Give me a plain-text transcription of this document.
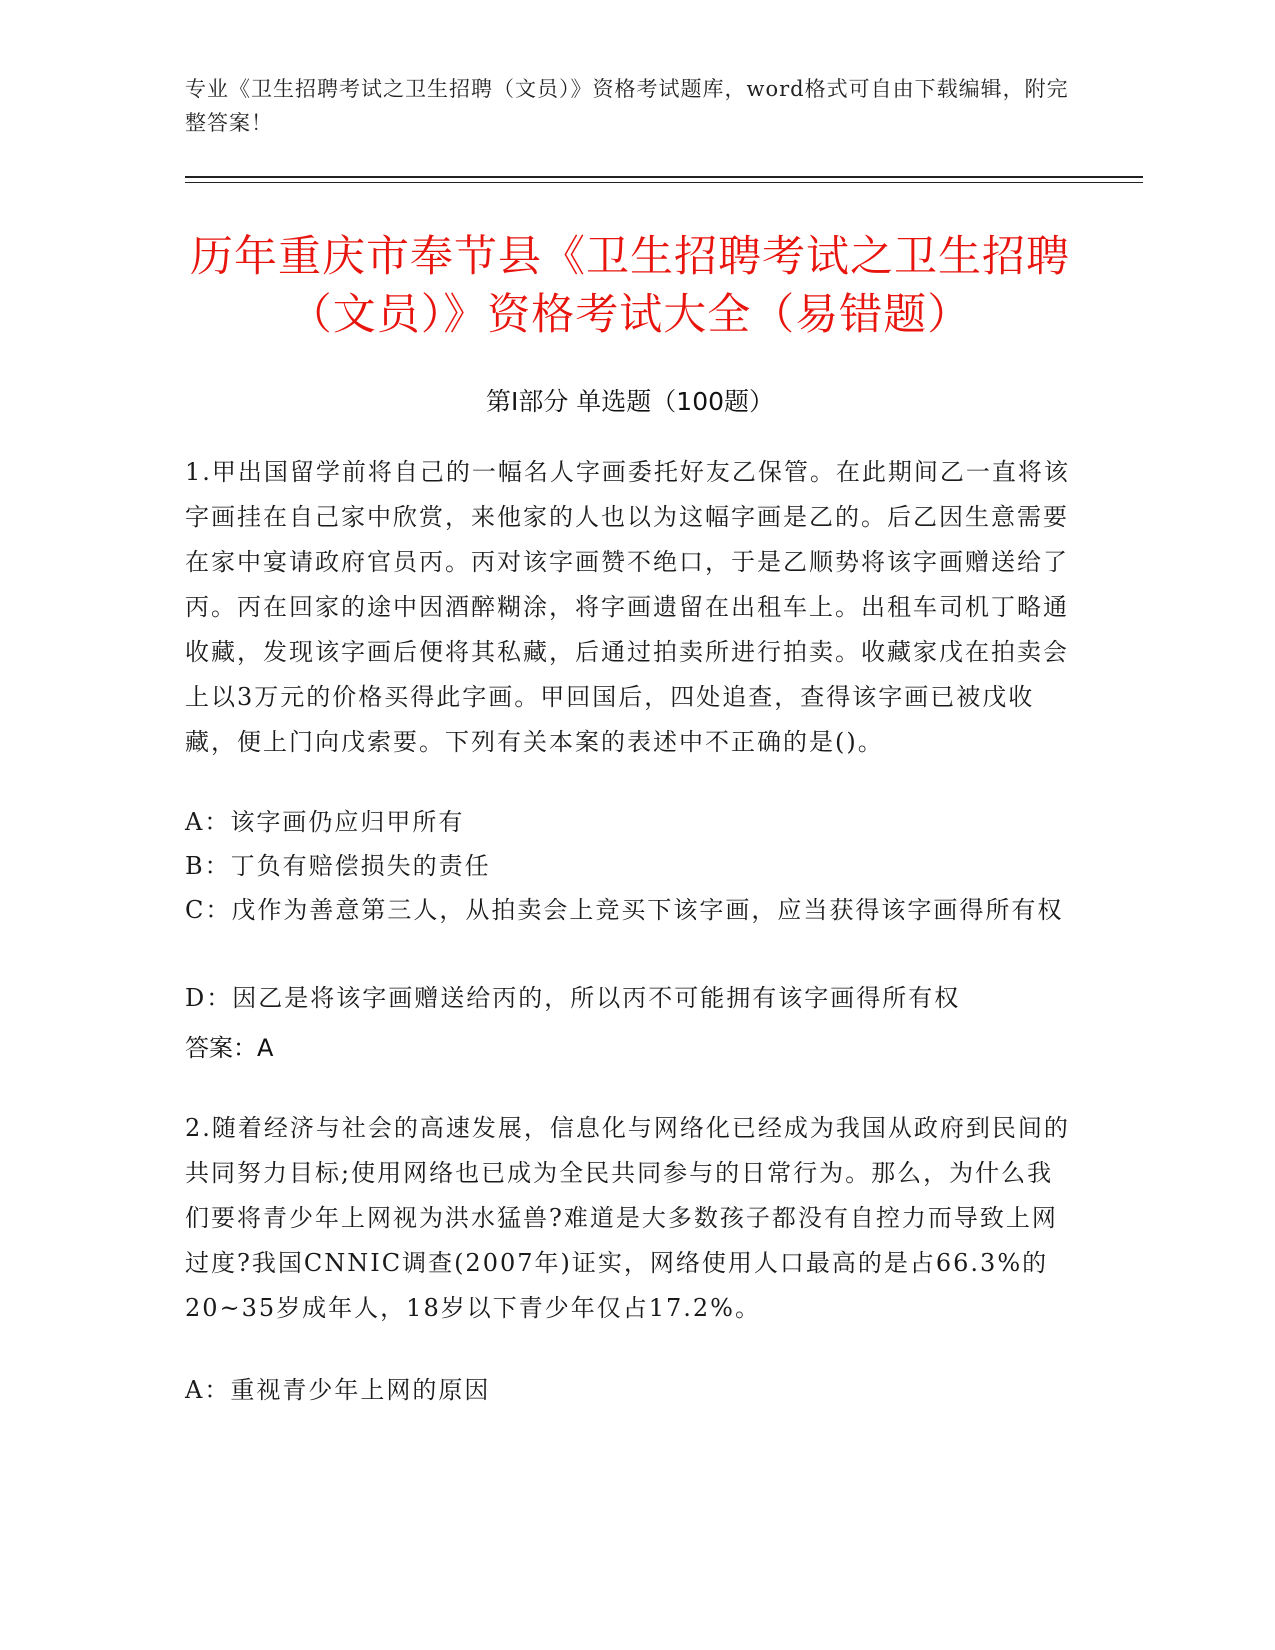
专业《卫生招聘考试之卫生招聘（文员）》资格考试题库，word格式可自由下载编辑，附完整答案！
历年重庆市奉节县《卫生招聘考试之卫生招聘（文员）》资格考试大全（易错题）
第I部分 单选题（100题）

1.甲出国留学前将自己的一幅名人字画委托好友乙保管。在此期间乙一直将该字画挂在自己家中欣赏，来他家的人也以为这幅字画是乙的。后乙因生意需要在家中宴请政府官员丙。丙对该字画赞不绝口，于是乙顺势将该字画赠送给了丙。丙在回家的途中因酒醉糊涂，将字画遗留在出租车上。出租车司机丁略通收藏，发现该字画后便将其私藏，后通过拍卖所进行拍卖。收藏家戊在拍卖会上以3万元的价格买得此字画。甲回国后，四处追查，查得该字画已被戊收藏，便上门向戊索要。下列有关本案的表述中不正确的是()。

A：该字画仍应归甲所有
B：丁负有赔偿损失的责任
C：戊作为善意第三人，从拍卖会上竞买下该字画，应当获得该字画得所有权
D：因乙是将该字画赠送给丙的，所以丙不可能拥有该字画得所有权
答案：A

2.随着经济与社会的高速发展，信息化与网络化已经成为我国从政府到民间的共同努力目标;使用网络也已成为全民共同参与的日常行为。那么，为什么我们要将青少年上网视为洪水猛兽?难道是大多数孩子都没有自控力而导致上网过度?我国CNNIC调查(2007年)证实，网络使用人口最高的是占66.3%的20~35岁成年人，18岁以下青少年仅占17.2%。

A：重视青少年上网的原因
